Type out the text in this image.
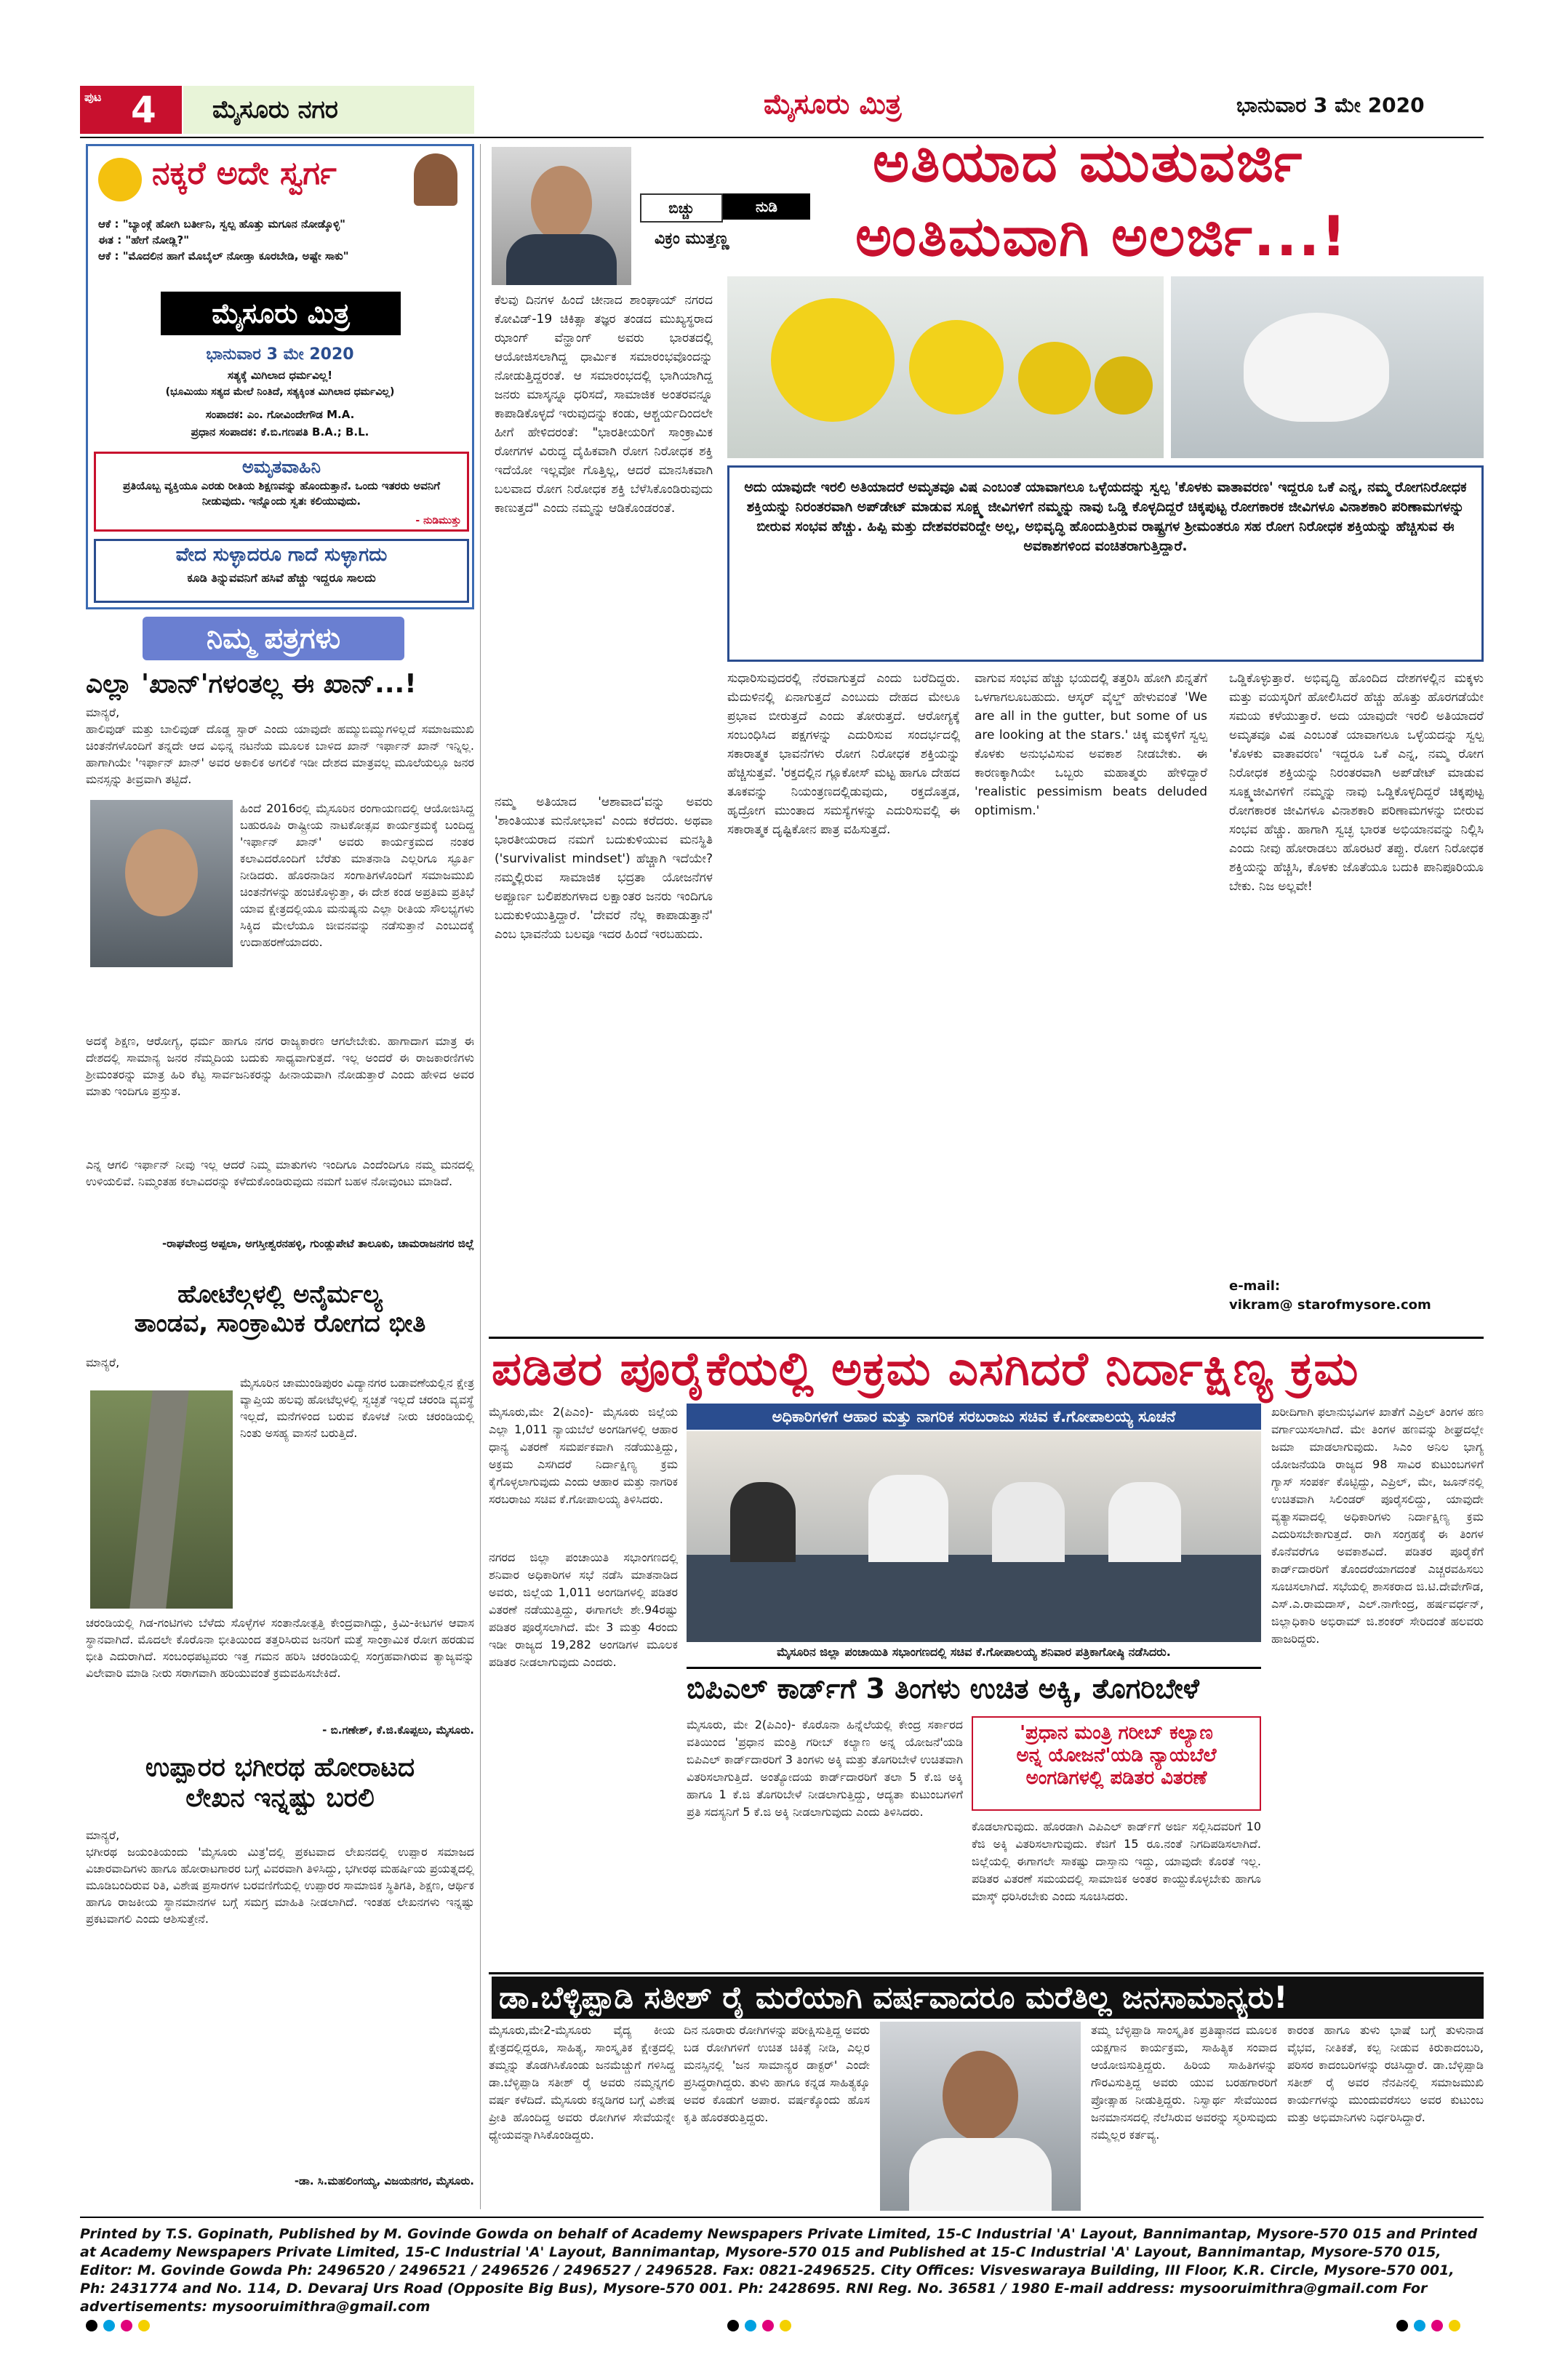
ಪುಟ 4	ಮೈಸೂರು ನಗರ	ಮೈಸೂರು ಮಿತ್ರ	ಭಾನುವಾರ 3 ಮೇ 2020
ನಕ್ಕರೆ ಅದೇ ಸ್ವರ್ಗ
ಆಕೆ : "ಬ್ಯಾಂಕ್ಗೆ ಹೋಗಿ ಬರ್ತೀನಿ, ಸ್ವಲ್ಪ ಹೊತ್ತು ಮಗೂನ ನೋಡ್ಕೊಳ್ಳಿ"
ಈತ : "ಹೇಗೆ ನೋಡ್ಲಿ?"
ಆಕೆ : "ಮೊದಲಿನ ಹಾಗೆ ಮೊಬೈಲ್ ನೋಡ್ತಾ ಕೂರಬೇಡಿ, ಅಷ್ಟೇ ಸಾಕು"
ಮೈಸೂರು ಮಿತ್ರ
ಭಾನುವಾರ 3 ಮೇ 2020
ಸತ್ಯಕ್ಕೆ ಮಿಗಿಲಾದ ಧರ್ಮವಿಲ್ಲ!
(ಭೂಮಿಯು ಸತ್ಯದ ಮೇಲೆ ನಿಂತಿದೆ, ಸತ್ಯಕ್ಕಿಂತ ಮಿಗಿಲಾದ ಧರ್ಮವಿಲ್ಲ)
ಸಂಪಾದಕ: ಎಂ. ಗೋವಿಂದೇಗೌಡ M.A.
ಪ್ರಧಾನ ಸಂಪಾದಕ: ಕೆ.ಬಿ.ಗಣಪತಿ B.A.; B.L.
ಅಮೃತವಾಹಿನಿ
ಪ್ರತಿಯೊಬ್ಬ ವ್ಯಕ್ತಿಯೂ ಎರಡು ರೀತಿಯ ಶಿಕ್ಷಣವನ್ನು ಹೊಂದುತ್ತಾನೆ. ಒಂದು ಇತರರು ಅವನಿಗೆ ನೀಡುವುದು. ಇನ್ನೊಂದು ಸ್ವತಃ ಕಲಿಯುವುದು.
- ನುಡಿಮುತ್ತು
ವೇದ ಸುಳ್ಳಾದರೂ ಗಾದೆ ಸುಳ್ಳಾಗದು
ಕೂಡಿ ತಿನ್ನುವವನಿಗೆ ಹಸಿವೆ ಹೆಚ್ಚು ಇದ್ದರೂ ಸಾಲದು
ನಿಮ್ಮ ಪತ್ರಗಳು
ಎಲ್ಲಾ 'ಖಾನ್'ಗಳಂತಲ್ಲ ಈ ಖಾನ್...!
ಮಾನ್ಯರೆ,
ಹಾಲಿವುಡ್ ಮತ್ತು ಬಾಲಿವುಡ್ ದೊಡ್ಡ ಸ್ಟಾರ್ ಎಂದು ಯಾವುದೇ ಹಮ್ಮುಬಿಮ್ಮುಗಳಿಲ್ಲದೆ ಸಮಾಜಮುಖಿ ಚಿಂತನೆಗಳೊಂದಿಗೆ ತನ್ನದೇ ಆದ ವಿಭಿನ್ನ ನಟನೆಯ ಮೂಲಕ ಬಾಳಿದ ಖಾನ್ ಇರ್ಫಾನ್ ಖಾನ್ ಇನ್ನಿಲ್ಲ. ಹಾಗಾಗಿಯೇ 'ಇರ್ಫಾನ್ ಖಾನ್' ಅವರ ಅಕಾಲಿಕ ಅಗಲಿಕೆ ಇಡೀ ದೇಶದ ಮಾತ್ರವಲ್ಲ ಮೂಲೆಯಲ್ಲೂ ಜನರ ಮನಸ್ಸನ್ನು ತೀವ್ರವಾಗಿ ತಟ್ಟಿದೆ.
ಹಿಂದೆ 2016ರಲ್ಲಿ ಮೈಸೂರಿನ ರಂಗಾಯಣದಲ್ಲಿ ಆಯೋಜಿಸಿದ್ದ ಬಹುರೂಪಿ ರಾಷ್ಟ್ರೀಯ ನಾಟಕೋತ್ಸವ ಕಾರ್ಯಕ್ರಮಕ್ಕೆ ಬಂದಿದ್ದ 'ಇರ್ಫಾನ್ ಖಾನ್' ಅವರು ಕಾರ್ಯಕ್ರಮದ ನಂತರ ಕಲಾವಿದರೊಂದಿಗೆ ಬೆರೆತು ಮಾತನಾಡಿ ಎಲ್ಲರಿಗೂ ಸ್ಫೂರ್ತಿ ನೀಡಿದರು. ಹೊರನಾಡಿನ ಸಂಗಾತಿಗಳೊಂದಿಗೆ ಸಮಾಜಮುಖಿ ಚಿಂತನೆಗಳನ್ನು ಹಂಚಿಕೊಳ್ಳುತ್ತಾ, ಈ ದೇಶ ಕಂಡ ಅಪ್ರತಿಮ ಪ್ರತಿಭೆ ಯಾವ ಕ್ಷೇತ್ರದಲ್ಲಿಯೂ ಮನುಷ್ಯನು ಎಲ್ಲಾ ರೀತಿಯ ಸೌಲಭ್ಯಗಳು ಸಿಕ್ಕಿದ ಮೇಲೆಯೂ ಜೀವನವನ್ನು ನಡೆಸುತ್ತಾನೆ ಎಂಬುದಕ್ಕೆ ಉದಾಹರಣೆಯಾದರು.
ಅದಕ್ಕೆ ಶಿಕ್ಷಣ, ಆರೋಗ್ಯ, ಧರ್ಮ ಹಾಗೂ ನಗರ ರಾಜ್ಯಕಾರಣ ಆಗಲೇಬೇಕು. ಹಾಗಾದಾಗ ಮಾತ್ರ ಈ ದೇಶದಲ್ಲಿ ಸಾಮಾನ್ಯ ಜನರ ನೆಮ್ಮದಿಯ ಬದುಕು ಸಾಧ್ಯವಾಗುತ್ತದೆ. ಇಲ್ಲ ಅಂದರೆ ಈ ರಾಜಕಾರಣಿಗಳು ಶ್ರೀಮಂತರನ್ನು ಮಾತ್ರ ಹಿರಿ ಕೆಟ್ಟ ಸಾರ್ವಜನಿಕರನ್ನು ಹೀನಾಯವಾಗಿ ನೋಡುತ್ತಾರೆ ಎಂದು ಹೇಳಿದ ಅವರ ಮಾತು ಇಂದಿಗೂ ಪ್ರಸ್ತುತ.
ಎನ್ನ ಆಗಲಿ ಇರ್ಫಾನ್ ನೀವು ಇಲ್ಲ ಆದರೆ ನಿಮ್ಮ ಮಾತುಗಳು ಇಂದಿಗೂ ಎಂದೆಂದಿಗೂ ನಮ್ಮ ಮನದಲ್ಲಿ ಉಳಿಯಲಿವೆ. ನಿಮ್ಮಂತಹ ಕಲಾವಿದರನ್ನು ಕಳೆದುಕೊಂಡಿರುವುದು ನಮಗೆ ಬಹಳ ನೋವುಂಟು ಮಾಡಿದೆ.
-ರಾಘವೇಂದ್ರ ಅಪ್ಪಲಾ, ಅಗಸ್ತೀಶ್ವರನಹಳ್ಳಿ, ಗುಂಡ್ಲುಪೇಟೆ ತಾಲೂಕು, ಚಾಮರಾಜನಗರ ಜಿಲ್ಲೆ
ಹೋಟೆಲ್ಗಳಲ್ಲಿ ಅನೈರ್ಮಲ್ಯ
ತಾಂಡವ, ಸಾಂಕ್ರಾಮಿಕ ರೋಗದ ಭೀತಿ
ಮಾನ್ಯರೆ,
ಮೈಸೂರಿನ ಚಾಮುಂಡಿಪುರಂ ವಿದ್ಯಾನಗರ ಬಡಾವಣೆಯಲ್ಲಿನ ಕ್ಷೇತ್ರ ವ್ಯಾಪ್ತಿಯ ಹಲವು ಹೋಟೆಲ್ಗಳಲ್ಲಿ ಸ್ವಚ್ಛತೆ ಇಲ್ಲದೆ ಚರಂಡಿ ವ್ಯವಸ್ಥೆ ಇಲ್ಲದೆ, ಮನೆಗಳಿಂದ ಬರುವ ಕೊಳಚೆ ನೀರು ಚರಂಡಿಯಲ್ಲಿ ನಿಂತು ಅಸಹ್ಯ ವಾಸನೆ ಬರುತ್ತಿದೆ.
ಚರಂಡಿಯಲ್ಲಿ ಗಿಡ-ಗಂಟಿಗಳು ಬೆಳೆದು ಸೊಳ್ಳೆಗಳ ಸಂತಾನೋತ್ಪತ್ತಿ ಕೇಂದ್ರವಾಗಿದ್ದು, ಕ್ರಿಮಿ-ಕೀಟಗಳ ಆವಾಸ ಸ್ಥಾನವಾಗಿದೆ. ಮೊದಲೇ ಕೊರೊನಾ ಭೀತಿಯಿಂದ ತತ್ತರಿಸಿರುವ ಜನರಿಗೆ ಮತ್ತೆ ಸಾಂಕ್ರಾಮಿಕ ರೋಗ ಹರಡುವ ಭೀತಿ ಎದುರಾಗಿದೆ. ಸಂಬಂಧಪಟ್ಟವರು ಇತ್ತ ಗಮನ ಹರಿಸಿ ಚರಂಡಿಯಲ್ಲಿ ಸಂಗ್ರಹವಾಗಿರುವ ತ್ಯಾಜ್ಯವನ್ನು ವಿಲೇವಾರಿ ಮಾಡಿ ನೀರು ಸರಾಗವಾಗಿ ಹರಿಯುವಂತೆ ಕ್ರಮವಹಿಸಬೇಕಿದೆ.
- ಬಿ.ಗಣೇಶ್, ಕೆ.ಜಿ.ಕೊಪ್ಪಲು, ಮೈಸೂರು.
ಉಪ್ಪಾರರ ಭಗೀರಥ ಹೋರಾಟದ
ಲೇಖನ ಇನ್ನಷ್ಟು ಬರಲಿ
ಮಾನ್ಯರೆ,
ಭಗೀರಥ ಜಯಂತಿಯಂದು 'ಮೈಸೂರು ಮಿತ್ರ'ದಲ್ಲಿ ಪ್ರಕಟವಾದ ಲೇಖನದಲ್ಲಿ ಉಪ್ಪಾರ ಸಮಾಜದ ವಿಚಾರವಾದಿಗಳು ಹಾಗೂ ಹೋರಾಟಗಾರರ ಬಗ್ಗೆ ವಿವರವಾಗಿ ತಿಳಿಸಿದ್ದು, ಭಗೀರಥ ಮಹರ್ಷಿಯ ಪ್ರಯತ್ನದಲ್ಲಿ ಮೂಡಿಬಂದಿರುವ ರಿತಿ, ವಿಶೇಷ ಪ್ರಸಾರಗಳ ಬರವಣಿಗೆಯಲ್ಲಿ ಉಪ್ಪಾರರ ಸಾಮಾಜಿಕ ಸ್ಥಿತಿಗತಿ, ಶಿಕ್ಷಣ, ಆರ್ಥಿಕ ಹಾಗೂ ರಾಜಕೀಯ ಸ್ಥಾನಮಾನಗಳ ಬಗ್ಗೆ ಸಮಗ್ರ ಮಾಹಿತಿ ನೀಡಲಾಗಿದೆ. ಇಂತಹ ಲೇಖನಗಳು ಇನ್ನಷ್ಟು ಪ್ರಕಟವಾಗಲಿ ಎಂದು ಆಶಿಸುತ್ತೇನೆ.
-ಡಾ. ಸಿ.ಮಹಲಿಂಗಯ್ಯ, ವಿಜಯನಗರ, ಮೈಸೂರು.
ಬಿಚ್ಚು	ನುಡಿ
ವಿಕ್ರಂ ಮುತ್ತಣ್ಣ
ಅತಿಯಾದ ಮುತುವರ್ಜಿ
ಅಂತಿಮವಾಗಿ ಅಲರ್ಜಿ...!
ಕೆಲವು ದಿನಗಳ ಹಿಂದೆ ಚೀನಾದ ಶಾಂಘಾಯ್ ನಗರದ ಕೋವಿಡ್-19 ಚಿಕಿತ್ಸಾ ತಜ್ಞರ ತಂಡದ ಮುಖ್ಯಸ್ಥರಾದ ಝಾಂಗ್ ವೆನ್ಹಾಂಗ್ ಅವರು ಭಾರತದಲ್ಲಿ ಆಯೋಜಿಸಲಾಗಿದ್ದ ಧಾರ್ಮಿಕ ಸಮಾರಂಭವೊಂದನ್ನು ನೋಡುತ್ತಿದ್ದರಂತೆ. ಆ ಸಮಾರಂಭದಲ್ಲಿ ಭಾಗಿಯಾಗಿದ್ದ ಜನರು ಮಾಸ್ಕನ್ನೂ ಧರಿಸದೆ, ಸಾಮಾಜಿಕ ಅಂತರವನ್ನೂ ಕಾಪಾಡಿಕೊಳ್ಳದೆ ಇರುವುದನ್ನು ಕಂಡು, ಆಶ್ಚರ್ಯದಿಂದಲೇ ಹೀಗೆ ಹೇಳಿದರಂತೆ: "ಭಾರತೀಯರಿಗೆ ಸಾಂಕ್ರಾಮಿಕ ರೋಗಗಳ ವಿರುದ್ಧ ದೈಹಿಕವಾಗಿ ರೋಗ ನಿರೋಧಕ ಶಕ್ತಿ ಇದೆಯೋ ಇಲ್ಲವೋ ಗೊತ್ತಿಲ್ಲ, ಆದರೆ ಮಾನಸಿಕವಾಗಿ ಬಲವಾದ ರೋಗ ನಿರೋಧಕ ಶಕ್ತಿ ಬೆಳೆಸಿಕೊಂಡಿರುವುದು ಕಾಣುತ್ತದೆ" ಎಂದು ನಮ್ಮನ್ನು ಆಡಿಕೊಂಡರಂತೆ.
ಅದು ಯಾವುದೇ ಇರಲಿ ಅತಿಯಾದರೆ ಅಮೃತವೂ ವಿಷ ಎಂಬಂತೆ ಯಾವಾಗಲೂ ಒಳ್ಳೆಯದನ್ನು ಸ್ವಲ್ಪ 'ಕೊಳಕು ವಾತಾವರಣ' ಇದ್ದರೂ ಒಕೆ ಎನ್ನ, ನಮ್ಮ ರೋಗನಿರೋಧಕ ಶಕ್ತಿಯನ್ನು ನಿರಂತರವಾಗಿ ಅಪ್‌ಡೇಟ್ ಮಾಡುವ ಸೂಕ್ಷ್ಮ ಜೀವಿಗಳಿಗೆ ನಮ್ಮನ್ನು ನಾವು ಒಡ್ಡಿ ಕೊಳ್ಳದಿದ್ದರೆ ಚಿಕ್ಕಪುಟ್ಟ ರೋಗಕಾರಕ ಜೀವಿಗಳೂ ವಿನಾಶಕಾರಿ ಪರಿಣಾಮಗಳನ್ನು ಬೀರುವ ಸಂಭವ ಹೆಚ್ಚು. ಹಿಪ್ಪಿ ಮತ್ತು ದೇಶವರವರಿದ್ದೇ ಅಲ್ಲ, ಅಭಿವೃದ್ಧಿ ಹೊಂದುತ್ತಿರುವ ರಾಷ್ಟ್ರಗಳ ಶ್ರೀಮಂತರೂ ಸಹ ರೋಗ ನಿರೋಧಕ ಶಕ್ತಿಯನ್ನು ಹೆಚ್ಚಿಸುವ ಈ ಅವಕಾಶಗಳಿಂದ ವಂಚಿತರಾಗುತ್ತಿದ್ದಾರೆ.
ನಮ್ಮ ಅತಿಯಾದ 'ಆಶಾವಾದ'ವನ್ನು ಅವರು 'ಶಾಂತಿಯುತ ಮನೋಭಾವ' ಎಂದು ಕರೆದರು. ಅಥವಾ ಭಾರತೀಯರಾದ ನಮಗೆ ಬದುಕುಳಿಯುವ ಮನಸ್ಥಿತಿ ('survivalist mindset') ಹೆಚ್ಚಾಗಿ ಇದೆಯೇ? ನಮ್ಮಲ್ಲಿರುವ ಸಾಮಾಜಿಕ ಭದ್ರತಾ ಯೋಜನೆಗಳ ಅಪ್ಪೂರ್ಣ ಬಲಿಪಶುಗಳಾದ ಲಕ್ಷಾಂತರ ಜನರು ಇಂದಿಗೂ ಬದುಕುಳಿಯುತ್ತಿದ್ದಾರೆ. 'ದೇವರೆ ನೆಲ್ಲ ಕಾಪಾಡುತ್ತಾನೆ' ಎಂಬ ಭಾವನೆಯ ಬಲವೂ ಇದರ ಹಿಂದೆ ಇರಬಹುದು.
ಸುಧಾರಿಸುವುದರಲ್ಲಿ ನೆರವಾಗುತ್ತದೆ ಎಂದು ಬರೆದಿದ್ದರು. ಮೆದುಳಿನಲ್ಲಿ ಏನಾಗುತ್ತದೆ ಎಂಬುದು ದೇಹದ ಮೇಲೂ ಪ್ರಭಾವ ಬೀರುತ್ತದೆ ಎಂದು ತೋರುತ್ತದೆ. ಆರೋಗ್ಯಕ್ಕೆ ಸಂಬಂಧಿಸಿದ ಪಕ್ಷಗಳನ್ನು ಎದುರಿಸುವ ಸಂದರ್ಭದಲ್ಲಿ ಸಕಾರಾತ್ಮಕ ಭಾವನೆಗಳು ರೋಗ ನಿರೋಧಕ ಶಕ್ತಿಯನ್ನು ಹೆಚ್ಚಿಸುತ್ತವೆ. 'ರಕ್ತದಲ್ಲಿನ ಗ್ಲೂಕೋಸ್ ಮಟ್ಟ ಹಾಗೂ ದೇಹದ ತೂಕವನ್ನು ನಿಯಂತ್ರಣದಲ್ಲಿಡುವುದು, ರಕ್ತದೊತ್ತಡ, ಹೃದ್ರೋಗ ಮುಂತಾದ ಸಮಸ್ಯೆಗಳನ್ನು ಎದುರಿಸುವಲ್ಲಿ ಈ ಸಕಾರಾತ್ಮಕ ದೃಷ್ಟಿಕೋನ ಪಾತ್ರ ವಹಿಸುತ್ತದೆ.
ವಾಗುವ ಸಂಭವ ಹೆಚ್ಚು ಭಯದಲ್ಲಿ ತತ್ತರಿಸಿ ಹೋಗಿ ಖಿನ್ನತೆಗೆ ಒಳಗಾಗಲೂಬಹುದು. ಆಸ್ಕರ್ ವೈಲ್ಡ್ ಹೇಳುವಂತೆ 'We are all in the gutter, but some of us are looking at the stars.' ಚಿಕ್ಕ ಮಕ್ಕಳಿಗೆ ಸ್ವಲ್ಪ ಕೊಳಕು ಅನುಭವಿಸುವ ಅವಕಾಶ ನೀಡಬೇಕು. ಈ ಕಾರಣಕ್ಕಾಗಿಯೇ ಒಬ್ಬರು ಮಹಾತ್ಮರು ಹೇಳಿದ್ದಾರೆ 'realistic pessimism beats deluded optimism.'
ಒಡ್ಡಿಕೊಳ್ಳುತ್ತಾರೆ. ಅಭಿವೃದ್ಧಿ ಹೊಂದಿದ ದೇಶಗಳಲ್ಲಿನ ಮಕ್ಕಳು ಮತ್ತು ವಯಸ್ಕರಿಗೆ ಹೋಲಿಸಿದರೆ ಹೆಚ್ಚು ಹೊತ್ತು ಹೊರಗಡೆಯೇ ಸಮಯ ಕಳೆಯುತ್ತಾರೆ. ಅದು ಯಾವುದೇ ಇರಲಿ ಅತಿಯಾದರೆ ಅಮೃತವೂ ವಿಷ ಎಂಬಂತೆ ಯಾವಾಗಲೂ ಒಳ್ಳೆಯದನ್ನು ಸ್ವಲ್ಪ 'ಕೊಳಕು ವಾತಾವರಣ' ಇದ್ದರೂ ಒಕೆ ಎನ್ನ, ನಮ್ಮ ರೋಗ ನಿರೋಧಕ ಶಕ್ತಿಯನ್ನು ನಿರಂತರವಾಗಿ ಅಪ್‌ಡೇಟ್ ಮಾಡುವ ಸೂಕ್ಷ್ಮಜೀವಿಗಳಿಗೆ ನಮ್ಮನ್ನು ನಾವು ಒಡ್ಡಿಕೊಳ್ಳದಿದ್ದರೆ ಚಿಕ್ಕಪುಟ್ಟ ರೋಗಕಾರಕ ಜೀವಿಗಳೂ ವಿನಾಶಕಾರಿ ಪರಿಣಾಮಗಳನ್ನು ಬೀರುವ ಸಂಭವ ಹೆಚ್ಚು. ಹಾಗಾಗಿ ಸ್ವಚ್ಛ ಭಾರತ ಅಭಿಯಾನವನ್ನು ನಿಲ್ಲಿಸಿ ಎಂದು ನೀವು ಹೋರಾಡಲು ಹೊರಟರೆ ತಪ್ಪು. ರೋಗ ನಿರೋಧಕ ಶಕ್ತಿಯನ್ನು ಹೆಚ್ಚಿಸಿ, ಕೊಳಕು ಜೊತೆಯೂ ಬದುಕಿ ಪಾನಿಪೂರಿಯೂ ಬೇಕು. ನಿಜ ಅಲ್ಲವೇ!
e-mail:
vikram@ starofmysore.com
ಪಡಿತರ ಪೂರೈಕೆಯಲ್ಲಿ ಅಕ್ರಮ ಎಸಗಿದರೆ ನಿರ್ದಾಕ್ಷಿಣ್ಯ ಕ್ರಮ
ಮೈಸೂರು,ಮೇ 2(ಪಿಎಂ)- ಮೈಸೂರು ಜಿಲ್ಲೆಯ ಎಲ್ಲಾ 1,011 ನ್ಯಾಯಬೆಲೆ ಅಂಗಡಿಗಳಲ್ಲಿ ಆಹಾರ ಧಾನ್ಯ ವಿತರಣೆ ಸಮರ್ಪಕವಾಗಿ ನಡೆಯುತ್ತಿದ್ದು, ಅಕ್ರಮ ಎಸಗಿದರೆ ನಿರ್ದಾಕ್ಷಿಣ್ಯ ಕ್ರಮ ಕೈಗೊಳ್ಳಲಾಗುವುದು ಎಂದು ಆಹಾರ ಮತ್ತು ನಾಗರಿಕ ಸರಬರಾಜು ಸಚಿವ ಕೆ.ಗೋಪಾಲಯ್ಯ ತಿಳಿಸಿದರು.
ನಗರದ ಜಿಲ್ಲಾ ಪಂಚಾಯಿತಿ ಸಭಾಂಗಣದಲ್ಲಿ ಶನಿವಾರ ಅಧಿಕಾರಿಗಳ ಸಭೆ ನಡೆಸಿ ಮಾತನಾಡಿದ ಅವರು, ಜಿಲ್ಲೆಯ 1,011 ಅಂಗಡಿಗಳಲ್ಲಿ ಪಡಿತರ ವಿತರಣೆ ನಡೆಯುತ್ತಿದ್ದು, ಈಗಾಗಲೇ ಶೇ.94ರಷ್ಟು ಪಡಿತರ ಪೂರೈಸಲಾಗಿದೆ. ಮೇ 3 ಮತ್ತು 4ರಂದು ಇಡೀ ರಾಜ್ಯದ 19,282 ಅಂಗಡಿಗಳ ಮೂಲಕ ಪಡಿತರ ನೀಡಲಾಗುವುದು ಎಂದರು.
ಅಧಿಕಾರಿಗಳಿಗೆ ಆಹಾರ ಮತ್ತು ನಾಗರಿಕ ಸರಬರಾಜು ಸಚಿವ ಕೆ.ಗೋಪಾಲಯ್ಯ ಸೂಚನೆ
ಮೈಸೂರಿನ ಜಿಲ್ಲಾ ಪಂಚಾಯಿತಿ ಸಭಾಂಗಣದಲ್ಲಿ ಸಚಿವ ಕೆ.ಗೋಪಾಲಯ್ಯ ಶನಿವಾರ ಪತ್ರಿಕಾಗೋಷ್ಠಿ ನಡೆಸಿದರು.
ಖರೀದಿಗಾಗಿ ಫಲಾನುಭವಿಗಳ ಖಾತೆಗೆ ಎಪ್ರಿಲ್ ತಿಂಗಳ ಹಣ ವರ್ಗಾಯಿಸಲಾಗಿದೆ. ಮೇ ತಿಂಗಳ ಹಣವನ್ನು ಶೀಘ್ರದಲ್ಲೇ ಜಮಾ ಮಾಡಲಾಗುವುದು. ಸಿಎಂ ಅನಿಲ ಭಾಗ್ಯ ಯೋಜನೆಯಡಿ ರಾಜ್ಯದ 98 ಸಾವಿರ ಕುಟುಂಬಗಳಿಗೆ ಗ್ಯಾಸ್ ಸಂಪರ್ಕ ಕೊಟ್ಟಿದ್ದು, ಎಪ್ರಿಲ್, ಮೇ, ಜೂನ್‌ನಲ್ಲಿ ಉಚಿತವಾಗಿ ಸಿಲಿಂಡರ್ ಪೂರೈಸಲಿದ್ದು, ಯಾವುದೇ ವ್ಯತ್ಯಾಸವಾದಲ್ಲಿ ಅಧಿಕಾರಿಗಳು ನಿರ್ದಾಕ್ಷಿಣ್ಯ ಕ್ರಮ ಎದುರಿಸಬೇಕಾಗುತ್ತದೆ. ರಾಗಿ ಸಂಗ್ರಹಕ್ಕೆ ಈ ತಿಂಗಳ ಕೊನೆವರೆಗೂ ಅವಕಾಶವಿದೆ. ಪಡಿತರ ಪೂರೈಕೆಗೆ ಕಾರ್ಡ್‌ದಾರರಿಗೆ ತೊಂದರೆಯಾಗದಂತೆ ಎಚ್ಚರವಹಿಸಲು ಸೂಚಿಸಲಾಗಿದೆ. ಸಭೆಯಲ್ಲಿ ಶಾಸಕರಾದ ಜಿ.ಟಿ.ದೇವೇಗೌಡ, ಎಸ್.ಎ.ರಾಮದಾಸ್, ಎಲ್.ನಾಗೇಂದ್ರ, ಹರ್ಷವರ್ಧನ್, ಜಿಲ್ಲಾಧಿಕಾರಿ ಅಭಿರಾಮ್ ಜಿ.ಶಂಕರ್ ಸೇರಿದಂತೆ ಹಲವರು ಹಾಜರಿದ್ದರು.
ಬಿಪಿಎಲ್ ಕಾರ್ಡ್‌ಗೆ 3 ತಿಂಗಳು ಉಚಿತ ಅಕ್ಕಿ, ತೊಗರಿಬೇಳೆ
ಮೈಸೂರು, ಮೇ 2(ಪಿಎಂ)- ಕೊರೊನಾ ಹಿನ್ನೆಲೆಯಲ್ಲಿ ಕೇಂದ್ರ ಸರ್ಕಾರದ ವತಿಯಿಂದ 'ಪ್ರಧಾನ ಮಂತ್ರಿ ಗರೀಬ್ ಕಲ್ಯಾಣ ಅನ್ನ ಯೋಜನೆ'ಯಡಿ ಬಿಪಿಎಲ್ ಕಾರ್ಡ್‌ದಾರರಿಗೆ 3 ತಿಂಗಳು ಅಕ್ಕಿ ಮತ್ತು ತೊಗರಿಬೇಳೆ ಉಚಿತವಾಗಿ ವಿತರಿಸಲಾಗುತ್ತಿದೆ. ಅಂತ್ಯೋದಯ ಕಾರ್ಡ್‌ದಾರರಿಗೆ ತಲಾ 5 ಕೆ.ಜಿ ಅಕ್ಕಿ ಹಾಗೂ 1 ಕೆ.ಜಿ ತೊಗರಿಬೇಳೆ ನೀಡಲಾಗುತ್ತಿದ್ದು, ಆದ್ಯತಾ ಕುಟುಂಬಗಳಿಗೆ ಪ್ರತಿ ಸದಸ್ಯನಿಗೆ 5 ಕೆ.ಜಿ ಅಕ್ಕಿ ನೀಡಲಾಗುವುದು ಎಂದು ತಿಳಿಸಿದರು.
'ಪ್ರಧಾನ ಮಂತ್ರಿ ಗರೀಬ್ ಕಲ್ಯಾಣ
ಅನ್ನ ಯೋಜನೆ'ಯಡಿ ನ್ಯಾಯಬೆಲೆ
ಅಂಗಡಿಗಳಲ್ಲಿ ಪಡಿತರ ವಿತರಣೆ
ಕೊಡಲಾಗುವುದು. ಹೊರಡಾಗಿ ಎಪಿಎಲ್ ಕಾರ್ಡ್‌ಗೆ ಅರ್ಜಿ ಸಲ್ಲಿಸಿದವರಿಗೆ 10 ಕೆಜಿ ಅಕ್ಕಿ ವಿತರಿಸಲಾಗುವುದು. ಕೆಜಿಗೆ 15 ರೂ.ನಂತೆ ನಿಗದಿಪಡಿಸಲಾಗಿದೆ. ಜಿಲ್ಲೆಯಲ್ಲಿ ಈಗಾಗಲೇ ಸಾಕಷ್ಟು ದಾಸ್ತಾನು ಇದ್ದು, ಯಾವುದೇ ಕೊರತೆ ಇಲ್ಲ. ಪಡಿತರ ವಿತರಣೆ ಸಮಯದಲ್ಲಿ ಸಾಮಾಜಿಕ ಅಂತರ ಕಾಯ್ದುಕೊಳ್ಳಬೇಕು ಹಾಗೂ ಮಾಸ್ಕ್ ಧರಿಸಿರಬೇಕು ಎಂದು ಸೂಚಿಸಿದರು.
ಡಾ.ಬೆಳ್ಳಿಪ್ಪಾಡಿ ಸತೀಶ್ ರೈ ಮರೆಯಾಗಿ ವರ್ಷವಾದರೂ ಮರೆತಿಲ್ಲ ಜನಸಾಮಾನ್ಯರು!
ಮೈಸೂರು,ಮೇ2-ಮೈಸೂರು ವೈದ್ಯ ಕೀಯ ಕ್ಷೇತ್ರದಲ್ಲಿದ್ದರೂ, ಸಾಹಿತ್ಯ, ಸಾಂಸ್ಕೃತಿಕ ಕ್ಷೇತ್ರದಲ್ಲಿ ತಮ್ಮನ್ನು ತೊಡಗಿಸಿಕೊಂಡು ಜನಮೆಚ್ಚುಗೆ ಗಳಿಸಿದ್ದ ಡಾ.ಬೆಳ್ಳಿಪ್ಪಾಡಿ ಸತೀಶ್ ರೈ ಅವರು ನಮ್ಮನ್ನಗಲಿ ವರ್ಷ ಕಳೆದಿದೆ. ಮೈಸೂರು ಕನ್ನಡಿಗರ ಬಗ್ಗೆ ವಿಶೇಷ ಪ್ರೀತಿ ಹೊಂದಿದ್ದ ಅವರು ರೋಗಿಗಳ ಸೇವೆಯನ್ನೇ ಧ್ಯೇಯವನ್ನಾಗಿಸಿಕೊಂಡಿದ್ದರು.
ದಿನ ನೂರಾರು ರೋಗಿಗಳನ್ನು ಪರೀಕ್ಷಿಸುತ್ತಿದ್ದ ಅವರು ಬಡ ರೋಗಿಗಳಿಗೆ ಉಚಿತ ಚಿಕಿತ್ಸೆ ನೀಡಿ, ಎಲ್ಲರ ಮನಸ್ಸಿನಲ್ಲಿ 'ಜನ ಸಾಮಾನ್ಯರ ಡಾಕ್ಟರ್' ಎಂದೇ ಪ್ರಸಿದ್ಧರಾಗಿದ್ದರು. ತುಳು ಹಾಗೂ ಕನ್ನಡ ಸಾಹಿತ್ಯಕ್ಕೂ ಅವರ ಕೊಡುಗೆ ಅಪಾರ. ವರ್ಷಕ್ಕೊಂದು ಹೊಸ ಕೃತಿ ಹೊರತರುತ್ತಿದ್ದರು.
ತಮ್ಮ ಬೆಳ್ಳಿಪ್ಪಾಡಿ ಸಾಂಸ್ಕೃತಿಕ ಪ್ರತಿಷ್ಠಾನದ ಮೂಲಕ ಯಕ್ಷಗಾನ ಕಾರ್ಯಕ್ರಮ, ಸಾಹಿತ್ಯಿಕ ಸಂವಾದ ಆಯೋಜಿಸುತ್ತಿದ್ದರು. ಹಿರಿಯ ಸಾಹಿತಿಗಳನ್ನು ಗೌರವಿಸುತ್ತಿದ್ದ ಅವರು ಯುವ ಬರಹಗಾರರಿಗೆ ಪ್ರೋತ್ಸಾಹ ನೀಡುತ್ತಿದ್ದರು. ನಿಸ್ವಾರ್ಥ ಸೇವೆಯಿಂದ ಜನಮಾನಸದಲ್ಲಿ ನೆಲೆಸಿರುವ ಅವರನ್ನು ಸ್ಮರಿಸುವುದು ನಮ್ಮೆಲ್ಲರ ಕರ್ತವ್ಯ.
ಕಾರಂತ ಹಾಗೂ ತುಳು ಭಾಷೆ ಬಗ್ಗೆ ತುಳುನಾಡ ವೈಭವ, ನೀತಿಕತೆ, ಕಲ್ಪ ನೀಡುವ ಕಿರುಕಾದಂಬರಿ, ಪರಿಸರ ಕಾದಂಬರಿಗಳನ್ನು ರಚಿಸಿದ್ದಾರೆ. ಡಾ.ಬೆಳ್ಳಿಪ್ಪಾಡಿ ಸತೀಶ್ ರೈ ಅವರ ನೆನಪಿನಲ್ಲಿ ಸಮಾಜಮುಖಿ ಕಾರ್ಯಗಳನ್ನು ಮುಂದುವರೆಸಲು ಅವರ ಕುಟುಂಬ ಮತ್ತು ಅಭಿಮಾನಿಗಳು ನಿರ್ಧರಿಸಿದ್ದಾರೆ.
Printed by T.S. Gopinath, Published by M. Govinde Gowda on behalf of Academy Newspapers Private Limited, 15-C Industrial 'A' Layout, Bannimantap, Mysore-570 015 and Printed at Academy Newspapers Private Limited, 15-C Industrial 'A' Layout, Bannimantap, Mysore-570 015 and Published at 15-C Industrial 'A' Layout, Bannimantap, Mysore-570 015, Editor: M. Govinde Gowda Ph: 2496520 / 2496521 / 2496526 / 2496527 / 2496528. Fax: 0821-2496525. City Offices: Visveswaraya Building, III Floor, K.R. Circle, Mysore-570 001, Ph: 2431774 and No. 114, D. Devaraj Urs Road (Opposite Big Bus), Mysore-570 001. Ph: 2428695. RNI Reg. No. 36581 / 1980 E-mail address: mysooruimithra@gmail.com For advertisements: mysooruimithra@gmail.com
